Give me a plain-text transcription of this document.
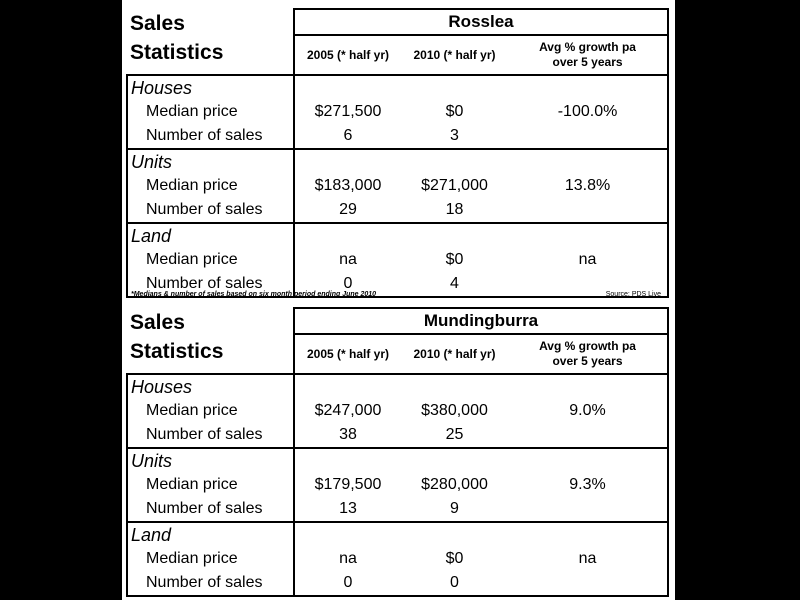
Sales
Statistics	Rosslea		
	2005 (* half yr)	2010 (* half yr)	Avg % growth pa
over 5 years

Houses			
Median price	$271,500	$0	-100.0%
Number of sales	6	3	
Units			
Median price	$183,000	$271,000	13.8%
Number of sales	29	18	
Land			
Median price	na	$0	na
Number of sales	0	4	
*Medians & number of sales based on six month period ending June 2010	Source: PDS Live
Sales
Statistics	Mundingburra		
	2005 (* half yr)	2010 (* half yr)	Avg % growth pa
over 5 years

Houses			
Median price	$247,000	$380,000	9.0%
Number of sales	38	25	
Units			
Median price	$179,500	$280,000	9.3%
Number of sales	13	9	
Land			
Median price	na	$0	na
Number of sales	0	0	
